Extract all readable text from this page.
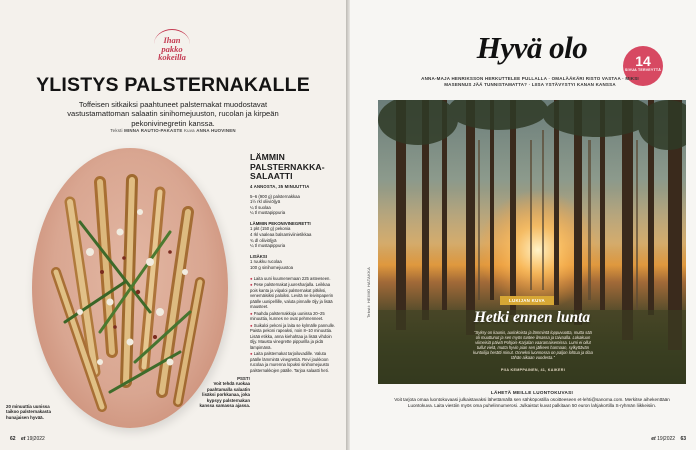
Ihan pakko
kokeilla
YLISTYS PALSTERNAKALLE
Toffeisen sitkaiksi paahtuneet palsternakat muodostavat vastustamattoman salaatin sinihomejuuston, rucolan ja kirpeän pekonivinegretin kanssa.
Teksti MINNA RAUTIO-PAKASTE Kuva ANNA HUOVINEN
20 minuuttia uunissa taikoo palsternakasta hunajaisen hyvää.
PSST!
Voit tehdä ruokaa paahtamalla salaatin lisäksi porkkanaa, joka kypsyy palsternakan kanssa samassa ajassa.
LÄMMIN PALSTERNAKKA-SALAATTI
4 ANNOSTA, 35 MINUUTTIA
5–6 (900 g) palsternakkaa
1½ rkl oliiviöljyä
¼ tl suolaa
¼ tl mustapippuria
LÄMMIN PEKONIVINEGRETTI
1 pkt (150 g) pekonia
4 rkl vaaleaa balsamiviinietikkaa
¾ dl oliiviöljyä
¼ tl mustapippuria
LISÄKSI
1 ruukku rucolaa
100 g sinihomejuustoa
● Laita uuni kuumenemaan 225 asteeseen.
● Pese palsternakat juuresharjalla. Leikkaa pois kanta ja viipaloi palsternakat pitkiksi, venemäisiksi paloiksi. Levitä ne leivinpaperin päälle uunipellille, valuta pinnalle öljy ja lisää mausteet.
● Paahda palsternakkoja uunissa 20–25 minuuttia, kunnes ne ovat pehmenneet.
● Suikaloi pekoni ja laita se kylmälle pannulle. Paista pekoni rapeaksi, noin 8–10 minuuttia. Lisää etikka, anna kiehahtaa ja lisää vihdoin öljy. Mausta vinegrette pippurilla ja pidä lämpimänä.
● Laita palsternakat tarjoiluvadille. Valuta päälle lämmintä vinegrettiä. Revi joukkoon rucolaa ja murenna lopuksi sinihomejuusto palsternakkojen päälle. Tarjoa salaatti heti.
62 et 19|2022
Hyvä olo	14
SIVUA TERVEYTTÄ
ANNA-MAJA HENRIKSSON HERKUTTELEE PULLALLA · OMALÄÄKÄRI RISTO VASTAA · MIKSI MASENNUS JÄÄ TUNNISTAMATTA? · LIISA YSTÄVYSTYI KANAN KANSSA
Teksti: HEIMO HATAKKA	LUKIJAN KUVA
Hetki ennen lunta
”Syksy on kaunis, aurinkoista ja lämmintä loppuvuotta, mutta sää oli muuttunut ja sen myös tuntee ilmassa ja taivaalla. Lokakuun viimeisiä päiviä Pohjois-Karjalan vaaramaisemissa. Lumi ei ollut tullut vielä, mutta hyvin pian sen jälkeen harmaan, sylkyttävän kuntoilija herätti minut. Onneksi luonnossa on paljon lohtua ja tilaa tähän aikaan vuodesta.”
PIIA KEMPPAINEN, 41, KAIKERI
LÄHETÄ MEILLE LUONTOKUVASI
Voit tarjota omaa luontokuvaasi julkaistavaksi lähettämällä sen sähköpostilla osoitteeseen et-lehti@sanoma.com. Merkitse aihekenttään Luontokuva. Laita viestiin myös oma puhelinnumerosi. Julkaistut kuvat palkitaan 50 euron lahjakortilla S-ryhmän liikkeisiin.
et 19|2022 63
